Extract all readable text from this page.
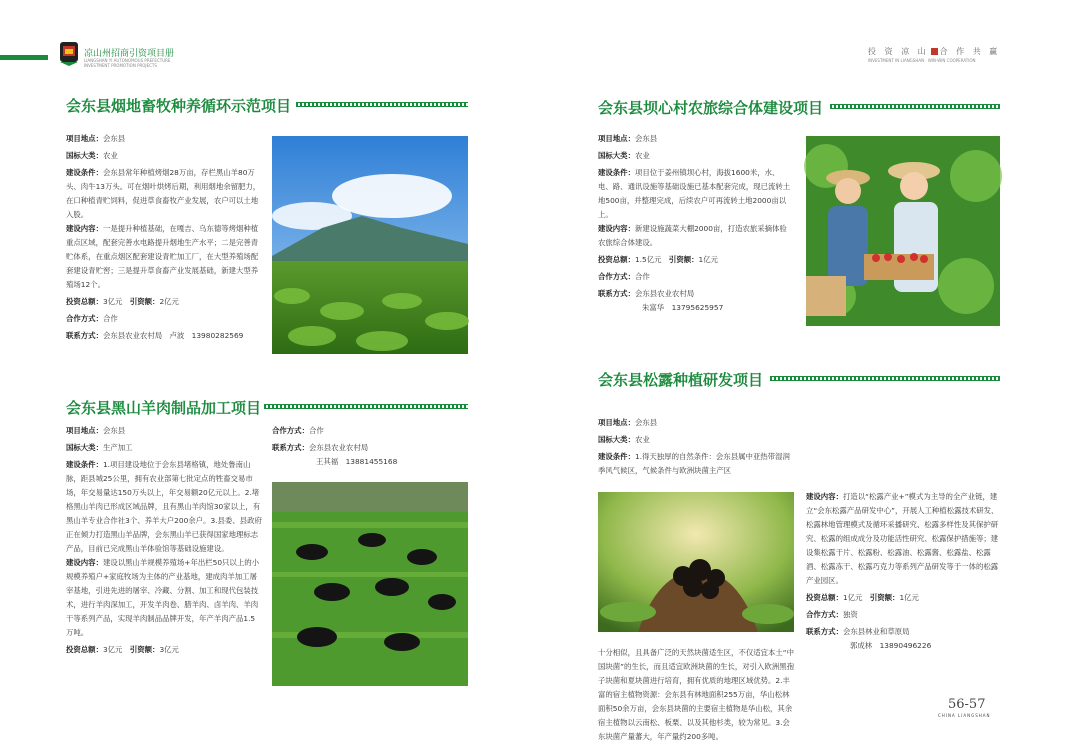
凉山州招商引资项目册
LIANGSHAN YI AUTONOMOUS PREFECTURE INVESTMENT PROMOTION PROJECTS
投 资 凉 山 合 作 共 赢
INVESTMENT IN LIANGSHAN · WIN-WIN COOPERATION
会东县烟地畜牧种养循环示范项目

项目地点：会东县

国标大类：农业

建设条件：会东县常年种植烤烟28万亩，存栏黑山羊80万头、肉牛13万头。可在烟叶烘烤后期，利用烟地余留肥力，在口种植青贮饲料，促进草食畜牧产业发展，农户可以土地入股。

建设内容：一是提升种植基础，在嘎吉、乌东德等烤烟种植重点区域，配套完善水电路提升烟地生产水平；二是完善青贮体系，在重点烟区配套建设青贮加工厂，在大型养殖场配套建设青贮窖；三是提升草食畜产业发展基础，新建大型养殖场12个。

投资总额：3亿元　 引资额：2亿元

合作方式：合作

联系方式：会东县农业农村局　卢波　13980282569

会东县黑山羊肉制品加工项目

项目地点：会东县

国标大类：生产加工

建设条件：1.项目建设地位于会东县堵格镇，地处鲁南山脉，距县城25公里，拥有农业部第七批定点的牲畜交易市场，年交易量达150万头以上，年交易额20亿元以上。2.堵格黑山羊肉已形成区域品牌，且有黑山羊肉馆30家以上，有黑山羊专业合作社3个、养羊大户200余户。3.县委、县政府正在倾力打造黑山羊品牌，会东黑山羊已获得国家地理标志产品，目前已完成黑山羊体验馆等基础设施建设。

建设内容：建设以黑山羊规模养殖场+年出栏50只以上的小规模养殖户+家庭牧场为主体的产业基地，建成肉羊加工屠宰基地，引进先进的屠宰、冷藏、分割、加工和现代包装技术，进行羊肉深加工，开发羊肉卷、腊羊肉、卤羊肉、羊肉干等系列产品，实现羊肉制品品牌开发，年产羊肉产品1.5万吨。

投资总额：3亿元　 引资额：3亿元

合作方式：合作

联系方式：会东县农业农村局

王其福　13881455168

会东县坝心村农旅综合体建设项目

项目地点：会东县

国标大类：农业

建设条件：项目位于姜州镇坝心村，海拔1600米，水、电、路、通讯设施等基础设施已基本配套完成，现已流转土地500亩，并整理完成，后续农户可再流转土地2000亩以上。

建设内容：新建设施蔬菜大棚2000亩，打造农旅采摘体验农旅综合体建设。

投资总额：1.5亿元　 引资额：1亿元

合作方式：合作

联系方式：会东县农业农村局

朱富华　13795625957

会东县松露种植研发项目

项目地点：会东县

国标大类：农业

建设条件：1.得天独厚的自然条件：会东县属中亚热带湿润季风气候区，气候条件与欧洲块菌主产区

十分相似，且具备广泛的天然块菌适生区，不仅适宜本土“中国块菌”的生长，而且适宜欧洲块菌的生长，对引入欧洲黑孢子块菌和夏块菌进行培育，拥有优质的地理区域优势。2.丰富的宿主植物资源：会东县有林地面积255万亩，华山松林面积50余万亩，会东县块菌的主要宿主植物是华山松，其余宿主植物以云南松、板栗、以及其他杉类，较为常见。3.会东块菌产量蕃大，年产量约200多吨。

建设内容：打造以“松露产业+”模式为主导的全产业链，建立“会东松露产品研发中心”，开展人工种植松露技术研发、松露林地管理模式及循环采播研究、松露多样性及其保护研究、松露的组成成分及功能活性研究、松露保护措施等；建设集松露干片、松露粉、松露油、松露酱、松露盐、松露酒、松露冻干、松露巧克力等系列产品研发等于一体的松露产业园区。

投资总额：1亿元　 引资额：1亿元

合作方式：独资

联系方式：会东县林业和草原局

郭成林　13890496226

56-57
CHINA LIANGSHAN
